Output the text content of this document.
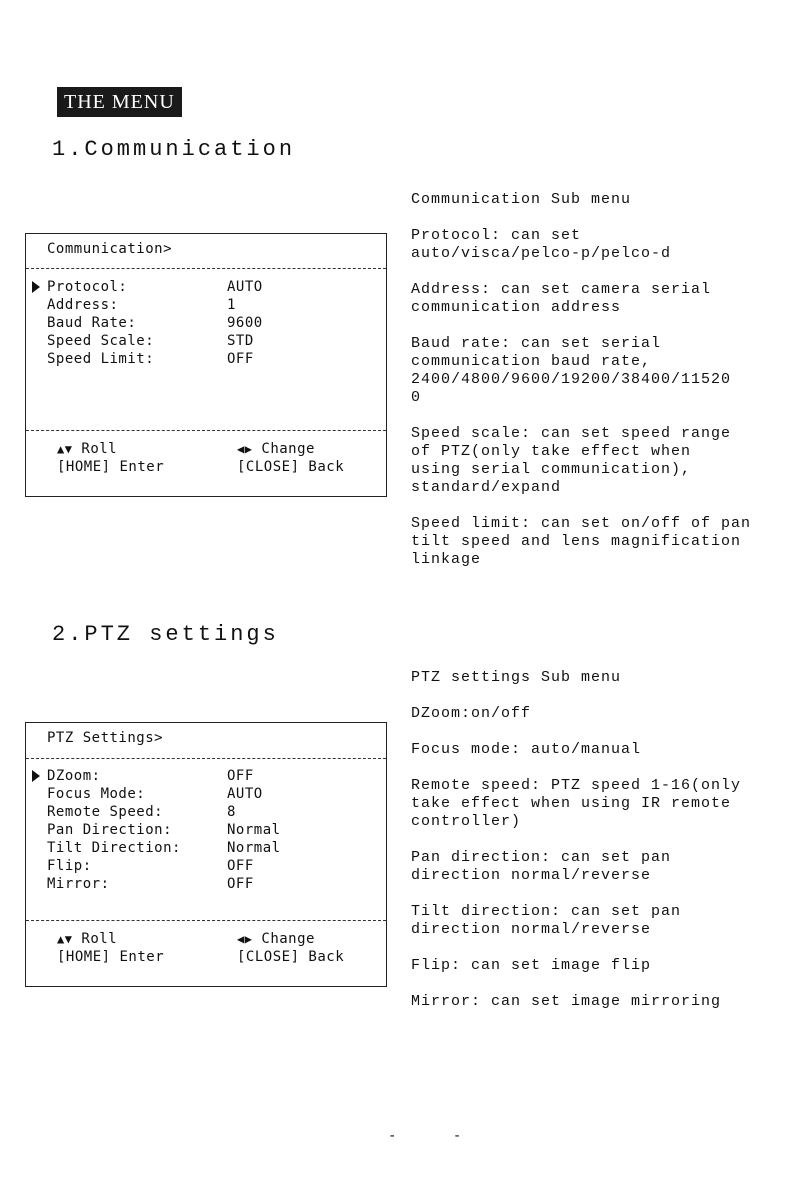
THE MENU
1.Communication
Communication>
Protocol:	AUTO
Address:	1
Baud Rate:	9600
Speed Scale:	STD
Speed Limit:	OFF
▲▼ Roll	◀▶ Change
[HOME] Enter	[CLOSE] Back

Communication Sub menu

Protocol: can set
auto/visca/pelco-p/pelco-d

Address: can set camera serial
communication address

Baud rate: can set serial
communication baud rate,
2400/4800/9600/19200/38400/11520
0

Speed scale: can set speed range
of PTZ(only take effect when
using serial communication),
standard/expand

Speed limit: can set on/off of pan
tilt speed and lens magnification
linkage

2.PTZ settings
PTZ Settings>
DZoom:	OFF
Focus Mode:	AUTO
Remote Speed:	8
Pan Direction:	Normal
Tilt Direction:	Normal
Flip:	OFF
Mirror:	OFF
▲▼ Roll	◀▶ Change
[HOME] Enter	[CLOSE] Back

PTZ settings Sub menu

DZoom:on/off

Focus mode: auto/manual

Remote speed: PTZ speed 1-16(only
take effect when using IR remote
controller)

Pan direction: can set pan
direction normal/reverse

Tilt direction: can set pan
direction normal/reverse

Flip: can set image flip

Mirror: can set image mirroring

- -
